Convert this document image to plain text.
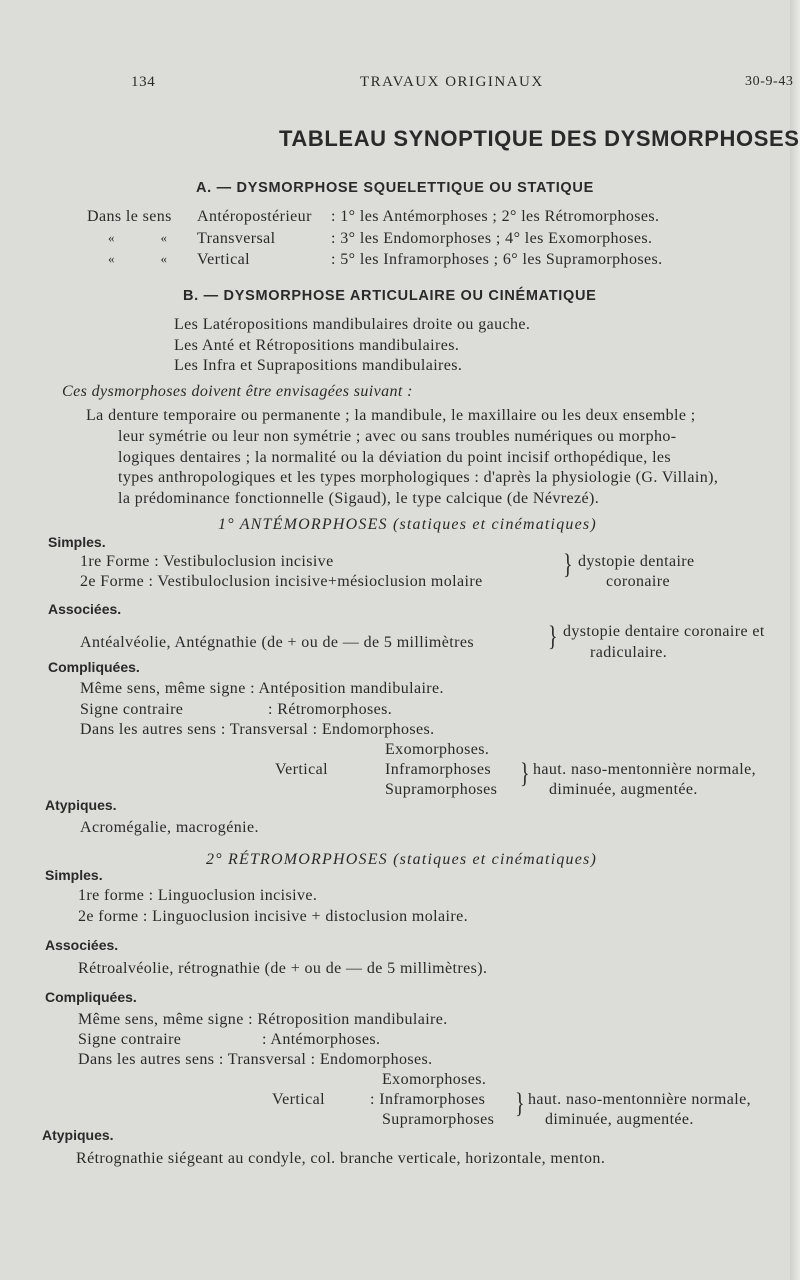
134	TRAVAUX ORIGINAUX	30-9-43
TABLEAU SYNOPTIQUE DES DYSMORPHOSES
A. — DYSMORPHOSE SQUELETTIQUE OU STATIQUE
Dans le sens Antéropostérieur : 1° les Antémorphoses ; 2° les Rétromorphoses.
« « Transversal	: 3° les Endomorphoses ; 4° les Exomorphoses.
« « Vertical	: 5° les Inframorphoses ; 6° les Supramorphoses.
B. — DYSMORPHOSE ARTICULAIRE OU CINÉMATIQUE
Les Latéropositions mandibulaires droite ou gauche.
Les Anté et Rétropositions mandibulaires.
Les Infra et Suprapositions mandibulaires.
Ces dysmorphoses doivent être envisagées suivant :
La denture temporaire ou permanente ; la mandibule, le maxillaire ou les deux ensemble ;
leur symétrie ou leur non symétrie ; avec ou sans troubles numériques ou morpho-
logiques dentaires ; la normalité ou la déviation du point incisif orthopédique, les
types anthropologiques et les types morphologiques : d'après la physiologie (G. Villain),
la prédominance fonctionnelle (Sigaud), le type calcique (de Névrezé).
1° ANTÉMORPHOSES (statiques et cinématiques)
Simples.
1re Forme : Vestibuloclusion incisive
2e Forme : Vestibuloclusion incisive+mésioclusion molaire
} dystopie dentaire
coronaire
Associées.
Antéalvéolie, Antégnathie (de + ou de — de 5 millimètres	} dystopie dentaire coronaire et
radiculaire.
Compliquées.
Même sens, même signe : Antéposition mandibulaire.
Signe contraire	: Rétromorphoses.
Dans les autres sens : Transversal : Endomorphoses.
Exomorphoses.
Vertical	Inframorphoses } haut. naso-mentonnière normale,
Supramorphoses	diminuée, augmentée.
Atypiques.
Acromégalie, macrogénie.
2° RÉTROMORPHOSES (statiques et cinématiques)
Simples.
1re forme : Linguoclusion incisive.
2e forme : Linguoclusion incisive + distoclusion molaire.
Associées.
Rétroalvéolie, rétrognathie (de + ou de — de 5 millimètres).
Compliquées.
Même sens, même signe : Rétroposition mandibulaire.
Signe contraire	: Antémorphoses.
Dans les autres sens : Transversal : Endomorphoses.
Exomorphoses.
Vertical	: Inframorphoses } haut. naso-mentonnière normale,
Supramorphoses	diminuée, augmentée.
Atypiques.
Rétrognathie siégeant au condyle, col. branche verticale, horizontale, menton.
